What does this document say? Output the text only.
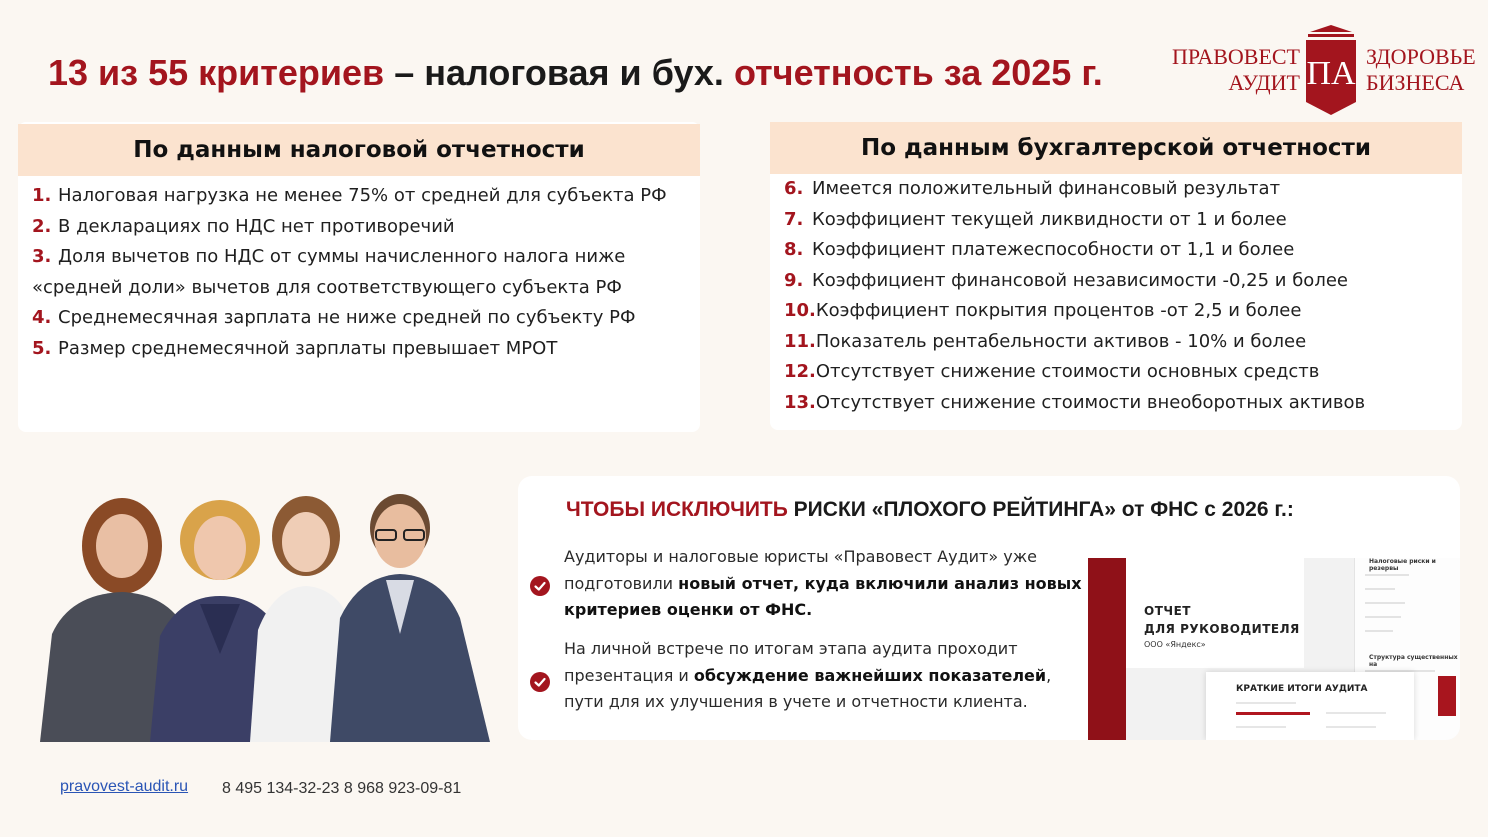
13 из 55 критериев – налоговая и бух. отчетность за 2025 г.	ПРАВОВЕСТ
АУДИТ ПА ЗДОРОВЬЕ
БИЗНЕСА
По данным налоговой отчетности
1. Налоговая нагрузка не менее 75% от средней для субъекта РФ
2. В декларациях по НДС нет противоречий
3. Доля вычетов по НДС от суммы начисленного налога ниже
«средней доли» вычетов для соответствующего субъекта РФ
4. Среднемесячная зарплата не ниже средней по субъекту РФ
5. Размер среднемесячной зарплаты превышает МРОТ
По данным бухгалтерской отчетности
6. Имеется положительный финансовый результат
7. Коэффициент текущей ликвидности от 1 и более
8. Коэффициент платежеспособности от 1,1 и более
9. Коэффициент финансовой независимости -0,25 и более
10.Коэффициент покрытия процентов -от 2,5 и более
11.Показатель рентабельности активов - 10% и более
12.Отсутствует снижение стоимости основных средств
13.Отсутствует снижение стоимости внеоборотных активов
ЧТОБЫ ИСКЛЮЧИТЬ РИСКИ «ПЛОХОГО РЕЙТИНГА» от ФНС с 2026 г.:
Аудиторы и налоговые юристы «Правовест Аудит» уже подготовили новый отчет, куда включили анализ новых критериев оценки от ФНС.
На личной встрече по итогам этапа аудита проходит презентация и обсуждение важнейших показателей, пути для их улучшения в учете и отчетности клиента.
ОТЧЕТ
ДЛЯ РУКОВОДИТЕЛЯ
ООО «Яндекс»
Налоговые риски и резервы
Структура существенных на
КРАТКИЕ ИТОГИ АУДИТА
pravovest-audit.ru 8 495 134-32-23 8 968 923-09-81
